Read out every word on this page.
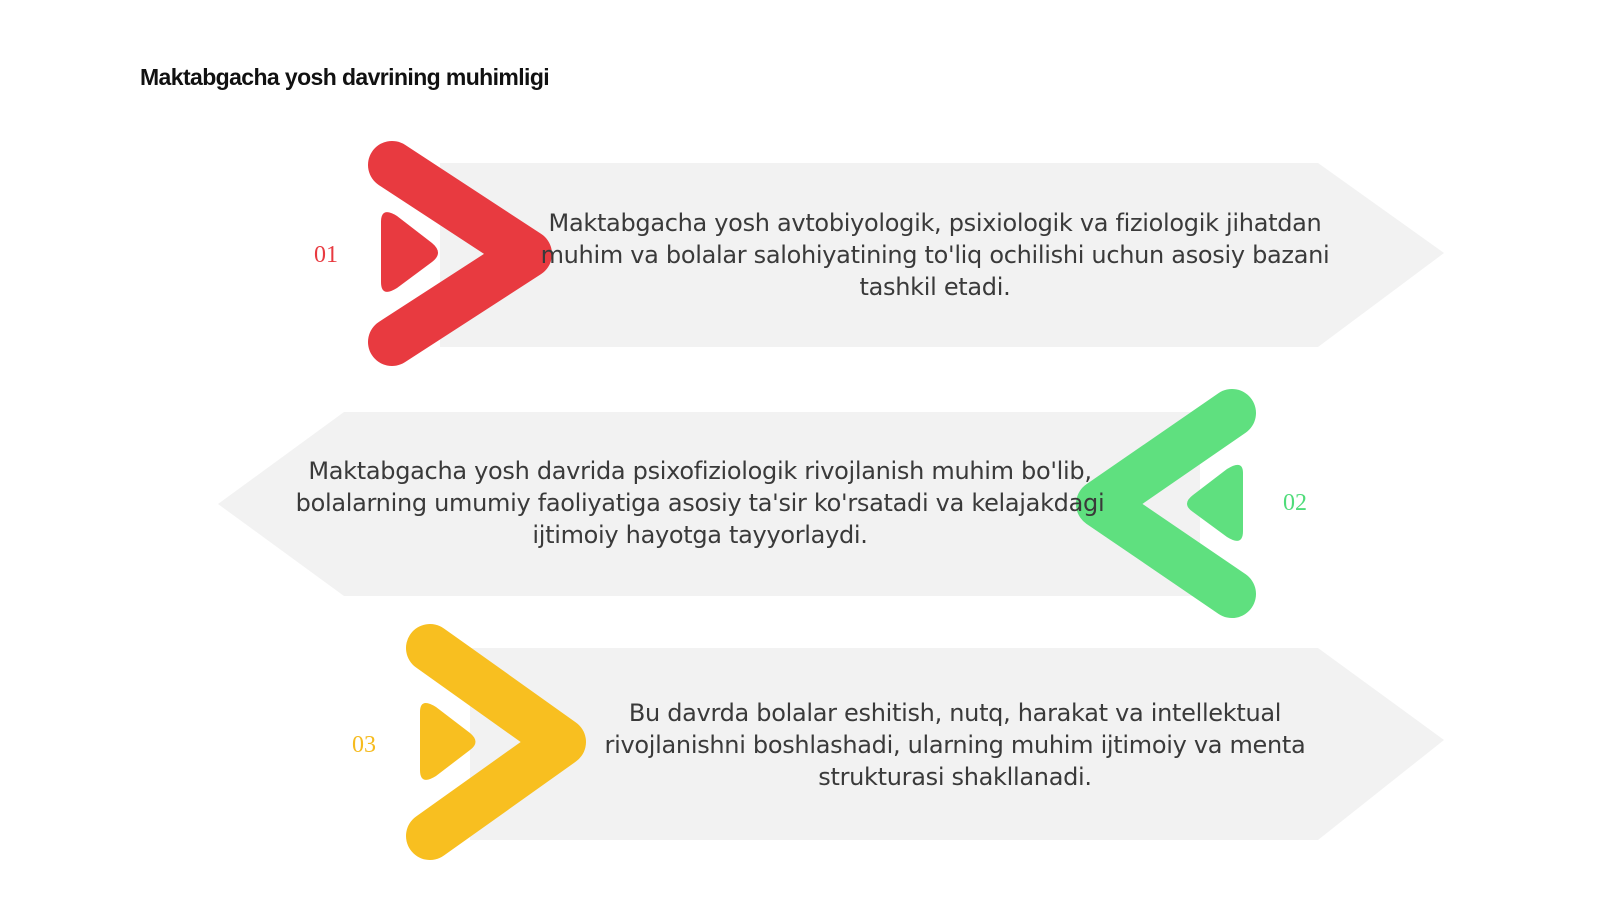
Maktabgacha yosh davrining muhimligi
01
Maktabgacha yosh avtobiyologik, psixiologik va fiziologik jihatdan muhim va bolalar salohiyatining to'liq ochilishi uchun asosiy bazani tashkil etadi.
02
Maktabgacha yosh davrida psixofiziologik rivojlanish muhim bo'lib, bolalarning umumiy faoliyatiga asosiy ta'sir ko'rsatadi va kelajakdagi ijtimoiy hayotga tayyorlaydi.
03
Bu davrda bolalar eshitish, nutq, harakat va intellektual rivojlanishni boshlashadi, ularning muhim ijtimoiy va menta strukturasi shakllanadi.
